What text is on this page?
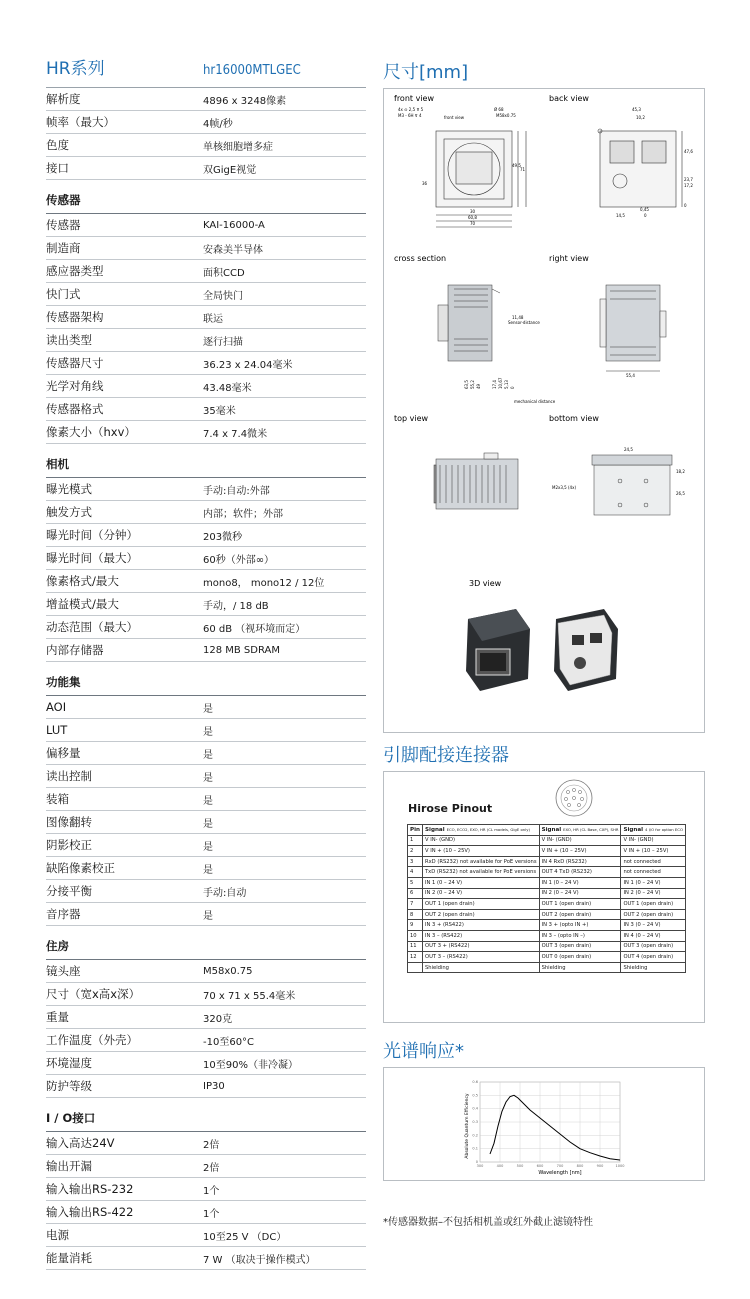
HR系列	hr16000MTLGEC
解析度	4896 x 3248像素
帧率（最大）	4帧/秒
色度	单核细胞增多症
接口	双GigE视觉
传感器
传感器	KAI-16000-A
制造商	安森美半导体
感应器类型	面积CCD
快门式	全局快门
传感器架构	联运
读出类型	逐行扫描
传感器尺寸	36.23 x 24.04毫米
光学对角线	43.48毫米
传感器格式	35毫米
像素大小（hxv）	7.4 x 7.4微米
相机
曝光模式	手动:自动:外部
触发方式	内部；软件；外部
曝光时间（分钟）	203微秒
曝光时间（最大）	60秒（外部∞）
像素格式/最大	mono8， mono12 / 12位
增益模式/最大	手动，/ 18 dB
动态范围（最大）	60 dB （视环境而定）
内部存储器	128 MB SDRAM
功能集
AOI	是
LUT	是
偏移量	是
读出控制	是
装箱	是
图像翻转	是
阴影校正	是
缺陷像素校正	是
分接平衡	手动:自动
音序器	是
住房
镜头座	M58x0.75
尺寸（宽x高x深）	70 x 71 x 55.4毫米
重量	320克
工作温度（外壳）	-10至60°C
环境湿度	10至90%（非冷凝）
防护等级	IP30
I / O接口
输入高达24V	2倍
输出开漏	2倍
输入输出RS-232	1个
输入输出RS-422	1个
电源	10至25 V （DC）
能量消耗	7 W （取决于操作模式）
尺寸[mm]
front view	back view
cross section	right view
top view	bottom view
3D view
4x ⊙ 2,5 ⊽ 5
M3 - 6H ⊽ 4	front view
Ø 68
M58x0.75
30
60,8
70
71
36
49,5
45,3
10,2
47,6
23,7
17,2
0,45
14,5
0
0
11,48
Sensor-distance
mechanical distance
63,5 55,2 49	17,4 10,67 5,13 0
55,4
24,5
18,2
26,5
M2x3,5 (4x)
引脚配接连接器
Hirose Pinout
Pin	Signal ECO, ECO2, EXO, HR (CL models, GigE only)	Signal EXO, HR (CL Base, CXP), SHR	Signal 4 I/O for option ECO
1	V IN- (GND)	V IN- (GND)	V IN- (GND)
2	V IN + (10 – 25V)	V IN + (10 – 25V)	V IN + (10 – 25V)
3	RxD (RS232) not available for PoE versions	IN 4 RxD (RS232)	not connected
4	TxD (RS232) not available for PoE versions	OUT 4 TxD (RS232)	not connected
5	IN 1 (0 – 24 V)	IN 1 (0 – 24 V)	IN 1 (0 – 24 V)
6	IN 2 (0 – 24 V)	IN 2 (0 – 24 V)	IN 2 (0 – 24 V)
7	OUT 1 (open drain)	OUT 1 (open drain)	OUT 1 (open drain)
8	OUT 2 (open drain)	OUT 2 (open drain)	OUT 2 (open drain)
9	IN 3 + (RS422)	IN 3 + (opto IN +)	IN 3 (0 – 24 V)
10	IN 3 – (RS422)	IN 3 – (opto IN –)	IN 4 (0 – 24 V)
11	OUT 3 + (RS422)	OUT 3 (open drain)	OUT 3 (open drain)
12	OUT 3 – (RS422)	OUT 0 (open drain)	OUT 4 (open drain)
	Shielding	Shielding	Shielding
光谱响应*
300	400	500	600	700	800	900	1000
0
0.1
0.2
0.3
0.4
0.5
0.6
Wavelength [nm]
Absolute Quantum Efficiency
*传感器数据–不包括相机盖或红外截止滤镜特性
